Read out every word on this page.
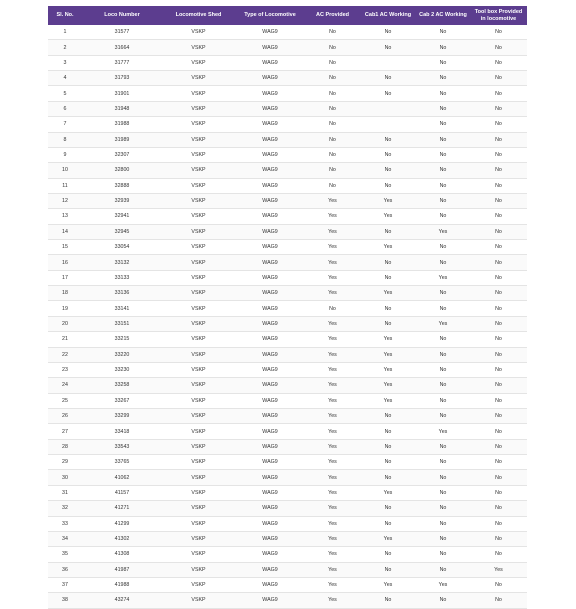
Sl. No.	Loco Number	Locomotive Shed	Type of Locomotive	AC Provided	Cab1 AC Working	Cab 2 AC Working	Tool box Provided in locomotive
1	31577	VSKP	WAG9	No	No	No	No
2	31664	VSKP	WAG9	No	No	No	No
3	31777	VSKP	WAG9	No		No	No
4	31793	VSKP	WAG9	No	No	No	No
5	31901	VSKP	WAG9	No	No	No	No
6	31948	VSKP	WAG9	No		No	No
7	31988	VSKP	WAG9	No		No	No
8	31989	VSKP	WAG9	No	No	No	No
9	32307	VSKP	WAG9	No	No	No	No
10	32800	VSKP	WAG9	No	No	No	No
11	32888	VSKP	WAG9	No	No	No	No
12	32939	VSKP	WAG9	Yes	Yes	No	No
13	32941	VSKP	WAG9	Yes	Yes	No	No
14	32945	VSKP	WAG9	Yes	No	Yes	No
15	33054	VSKP	WAG9	Yes	Yes	No	No
16	33132	VSKP	WAG9	Yes	No	No	No
17	33133	VSKP	WAG9	Yes	No	Yes	No
18	33136	VSKP	WAG9	Yes	Yes	No	No
19	33141	VSKP	WAG9	No	No	No	No
20	33151	VSKP	WAG9	Yes	No	Yes	No
21	33215	VSKP	WAG9	Yes	Yes	No	No
22	33220	VSKP	WAG9	Yes	Yes	No	No
23	33230	VSKP	WAG9	Yes	Yes	No	No
24	33258	VSKP	WAG9	Yes	Yes	No	No
25	33267	VSKP	WAG9	Yes	Yes	No	No
26	33299	VSKP	WAG9	Yes	No	No	No
27	33418	VSKP	WAG9	Yes	No	Yes	No
28	33543	VSKP	WAG9	Yes	No	No	No
29	33765	VSKP	WAG9	Yes	No	No	No
30	41062	VSKP	WAG9	Yes	No	No	No
31	41157	VSKP	WAG9	Yes	Yes	No	No
32	41271	VSKP	WAG9	Yes	No	No	No
33	41299	VSKP	WAG9	Yes	No	No	No
34	41302	VSKP	WAG9	Yes	Yes	No	No
35	41308	VSKP	WAG9	Yes	No	No	No
36	41987	VSKP	WAG9	Yes	No	No	Yes
37	41988	VSKP	WAG9	Yes	Yes	Yes	No
38	43274	VSKP	WAG9	Yes	No	No	No
